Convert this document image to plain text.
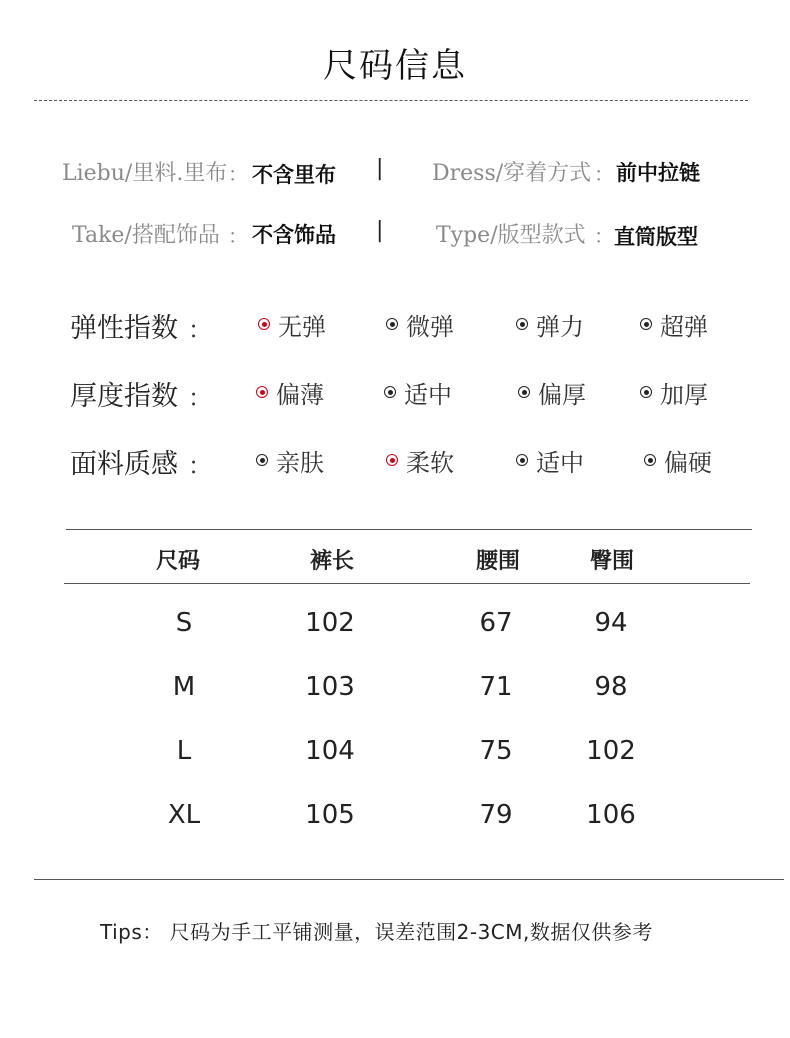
尺码信息
Liebu/里料.里布 ： 不含里布 | Dress/穿着方式 ： 前中拉链
Take/搭配饰品 ： 不含饰品 | Type/版型款式 ： 直筒版型
弹性指数 ：	无弹	微弹	弹力	超弹
厚度指数 ：	偏薄	适中	偏厚	加厚
面料质感 ：	亲肤	柔软	适中	偏硬
尺码	裤长	腰围	臀围
S	102	67	94
M	103	71	98
L	104	75	102
XL	105	79	106
Tips： 尺码为手工平铺测量，误差范围2-3CM,数据仅供参考
